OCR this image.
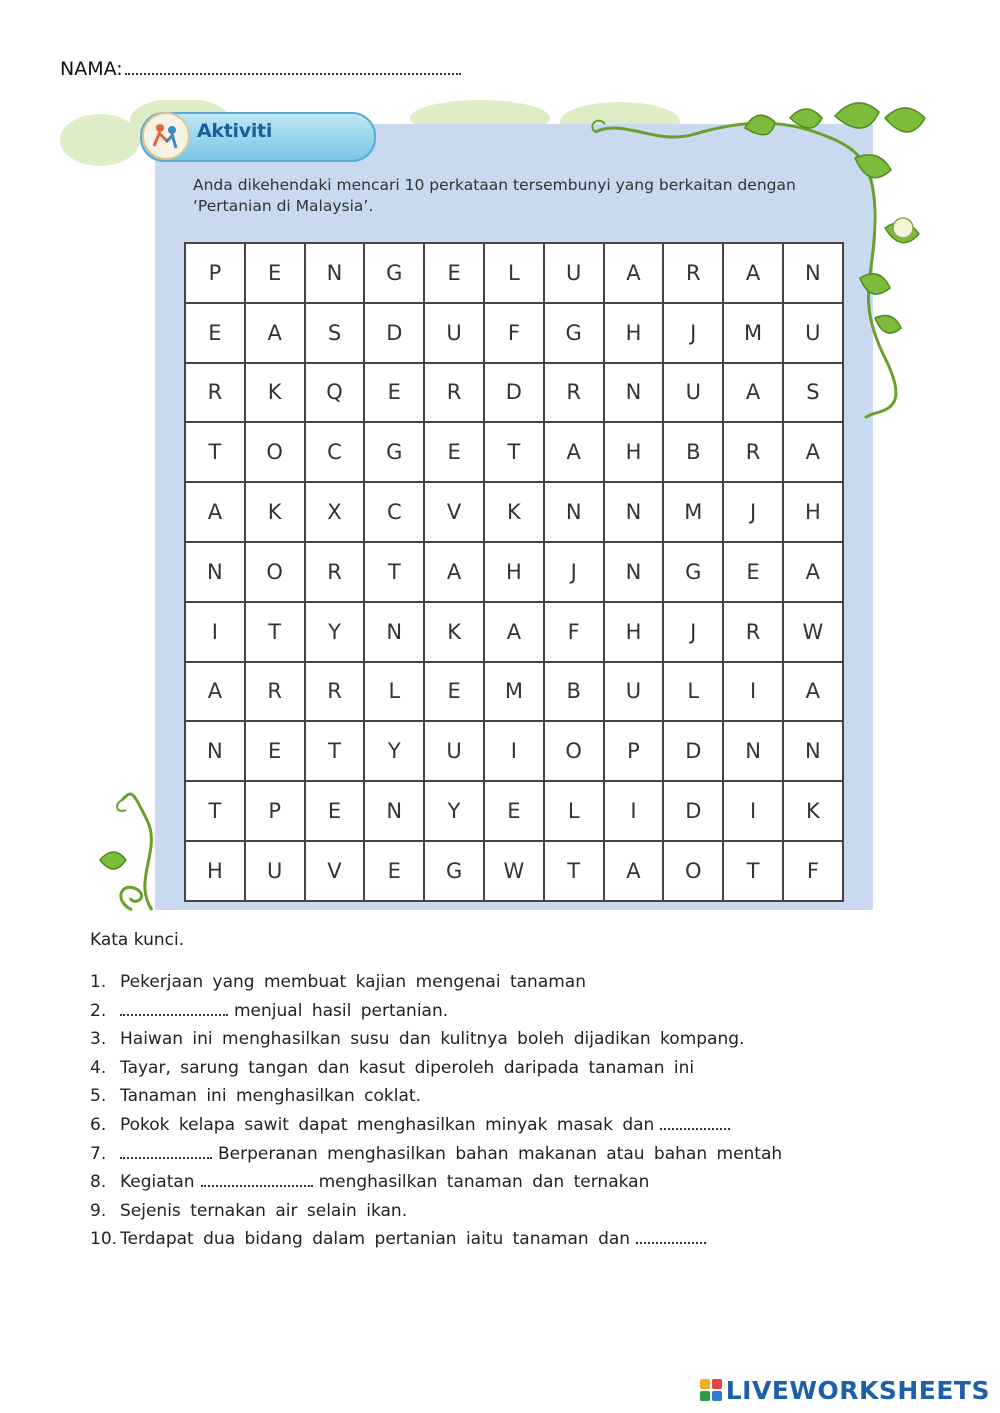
NAMA:
Aktiviti
Anda dikehendaki mencari 10 perkataan tersembunyi yang berkaitan dengan ‘Pertanian di Malaysia’.
P	E	N	G	E	L	U	A	R	A	N
E	A	S	D	U	F	G	H	J	M	U
R	K	Q	E	R	D	R	N	U	A	S
T	O	C	G	E	T	A	H	B	R	A
A	K	X	C	V	K	N	N	M	J	H
N	O	R	T	A	H	J	N	G	E	A
I	T	Y	N	K	A	F	H	J	R	W
A	R	R	L	E	M	B	U	L	I	A
N	E	T	Y	U	I	O	P	D	N	N
T	P	E	N	Y	E	L	I	D	I	K
H	U	V	E	G	W	T	A	O	T	F
Kata kunci.
1. Pekerjaan yang membuat kajian mengenai tanaman
2.	menjual hasil pertanian.
3. Haiwan ini menghasilkan susu dan kulitnya boleh dijadikan kompang.
4. Tayar, sarung tangan dan kasut diperoleh daripada tanaman ini
5. Tanaman ini menghasilkan coklat.
6. Pokok kelapa sawit dapat menghasilkan minyak masak dan
7.	Berperanan menghasilkan bahan makanan atau bahan mentah
8. Kegiatan	menghasilkan tanaman dan ternakan
9. Sejenis ternakan air selain ikan.
10. Terdapat dua bidang dalam pertanian iaitu tanaman dan
LIVEWORKSHEETS
